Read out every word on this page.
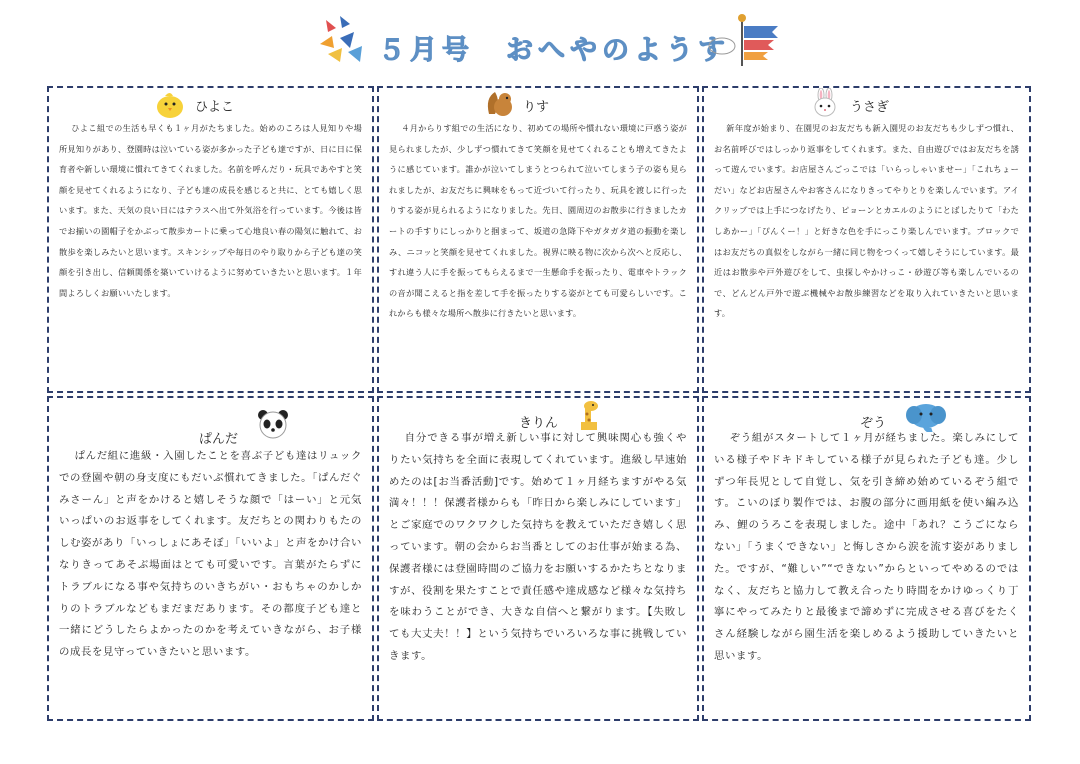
５月号　おへやのようす
ひよこ

ひよこ組での生活も早くも１ヶ月がたちました。始めのころは人見知りや場所見知りがあり、登園時は泣いている姿が多かった子ども達ですが、日に日に保育者や新しい環境に慣れてきてくれました。名前を呼んだり・玩具であやすと笑顔を見せてくれるようになり、子ども達の成長を感じると共に、とても嬉しく思います。また、天気の良い日にはテラスへ出て外気浴を行っています。今後は皆でお揃いの園帽子をかぶって散歩カートに乗って心地良い春の陽気に触れて、お散歩を楽しみたいと思います。スキンシップや毎日のやり取りから子ども達の笑顔を引き出し、信頼関係を築いていけるように努めていきたいと思います。１年間よろしくお願いいたします。

りす

４月からりす組での生活になり、初めての場所や慣れない環境に戸惑う姿が見られましたが、少しずつ慣れてきて笑顔を見せてくれることも増えてきたように感じています。誰かが泣いてしまうとつられて泣いてしまう子の姿も見られましたが、お友だちに興味をもって近づいて行ったり、玩具を渡しに行ったりする姿が見られるようになりました。先日、園周辺のお散歩に行きましたカートの手すりにしっかりと掴まって、坂道の急降下やガタガタ道の振動を楽しみ、ニコッと笑顔を見せてくれました。視界に映る物に次から次へと反応し、すれ違う人に手を振ってもらえるまで一生懸命手を振ったり、電車やトラックの音が聞こえると指を差して手を振ったりする姿がとても可愛らしいです。これからも様々な場所へ散歩に行きたいと思います。

うさぎ

新年度が始まり、在園児のお友だちも新入園児のお友だちも少しずつ慣れ、お名前呼びではしっかり返事をしてくれます。また、自由遊びではお友だちを誘って遊んでいます。お店屋さんごっこでは「いらっしゃいませー」「これちょーだい」などお店屋さんやお客さんになりきってやりとりを楽しんでいます。アイクリップでは上手につなげたり、ピョーンとカエルのようにとばしたりて「わたしあかー」「ぴんくー！」と好きな色を手にっこり楽しんでいます。ブロックではお友だちの真似をしながら一緒に同じ物をつくって嬉しそうにしています。最近はお散歩や戸外遊びをして、虫探しやかけっこ・砂遊び等も楽しんでいるので、どんどん戸外で遊ぶ機械やお散歩練習などを取り入れていきたいと思います。

ぱんだ

ぱんだ組に進級・入園したことを喜ぶ子ども達はリュックでの登園や朝の身支度にもだいぶ慣れてきました。「ぱんだぐみさーん」と声をかけると嬉しそうな顔で「はーい」と元気いっぱいのお返事をしてくれます。友だちとの関わりもたのしむ姿があり「いっしょにあそぼ」「いいよ」と声をかけ合いなりきってあそぶ場面はとても可愛いです。言葉がたらずにトラブルになる事や気持ちのいきちがい・おもちゃのかしかりのトラブルなどもまだまだあります。その都度子ども達と一緒にどうしたらよかったのかを考えていきながら、お子様の成長を見守っていきたいと思います。

きりん

自分できる事が増え新しい事に対して興味関心も強くやりたい気持ちを全面に表現してくれています。進級し早速始めたのは[お当番活動]です。始めて１ヶ月経ちますがやる気満々！！！保護者様からも「昨日から楽しみにしています」とご家庭でのワクワクした気持ちを教えていただき嬉しく思っています。朝の会からお当番としてのお仕事が始まる為、保護者様には登園時間のご協力をお願いするかたちとなりますが、役割を果たすことで責任感や達成感など様々な気持ちを味わうことができ、大きな自信へと繋がります。【失敗しても大丈夫！！】という気持ちでいろいろな事に挑戦していきます。

ぞう

ぞう組がスタートして１ヶ月が経ちました。楽しみにしている様子やドキドキしている様子が見られた子ども達。少しずつ年長児として自覚し、気を引き締め始めているぞう組です。こいのぼり製作では、お腹の部分に画用紙を使い編み込み、鯉のうろこを表現しました。途中「あれ？こうごにならない」「うまくできない」と悔しさから涙を流す姿がありました。ですが、“難しい”“できない”からといってやめるのではなく、友だちと協力して教え合ったり時間をかけゆっくり丁寧にやってみたりと最後まで諦めずに完成させる喜びをたくさん経験しながら園生活を楽しめるよう援助していきたいと思います。
